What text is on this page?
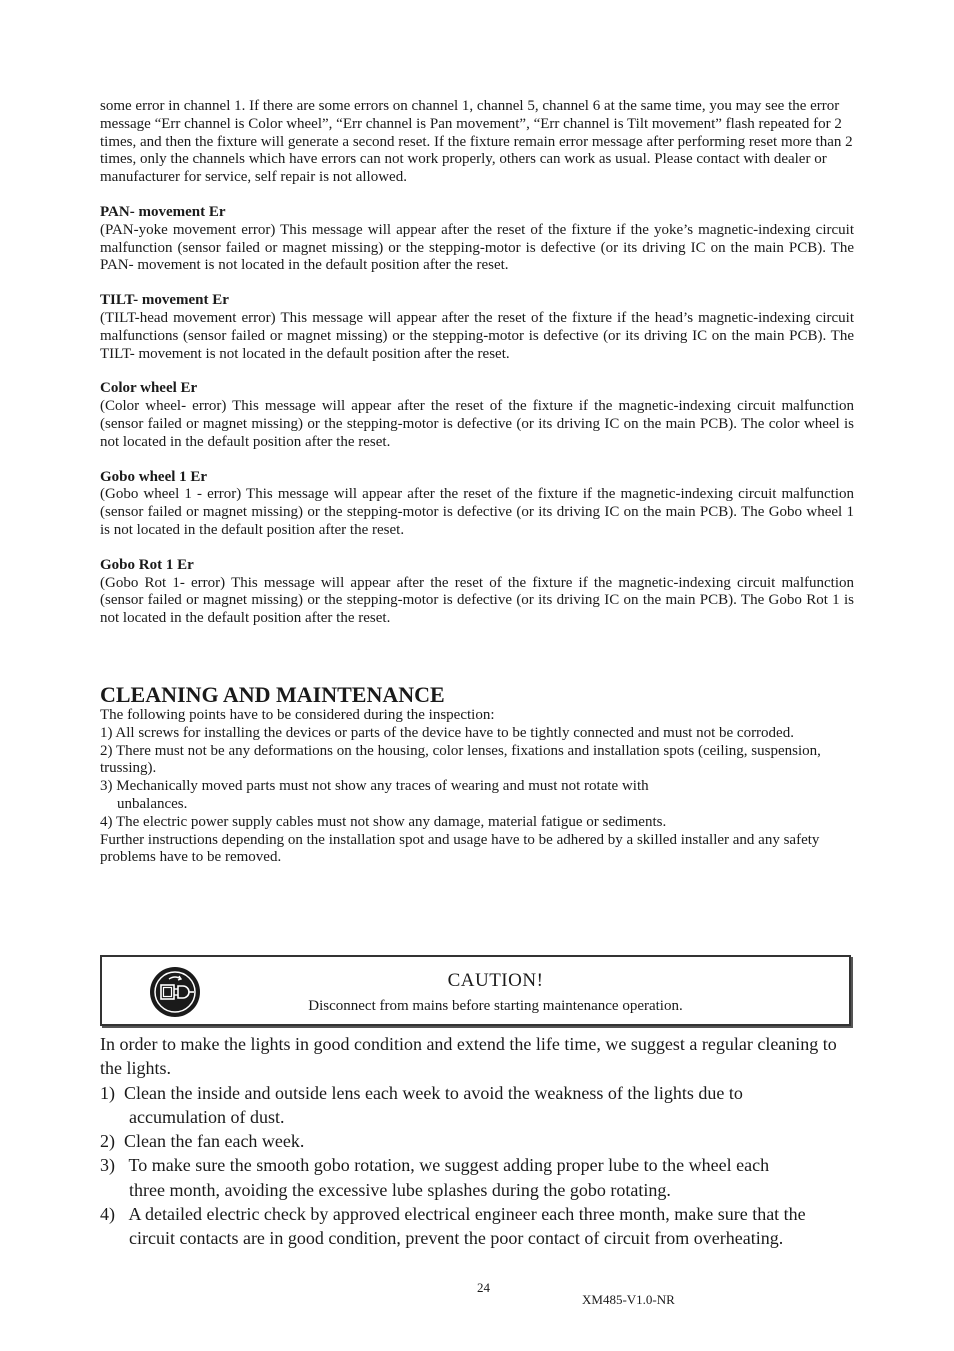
some error in channel 1. If there are some errors on channel 1, channel 5, channel 6 at the same time, you may see the error message “Err channel is Color wheel”, “Err channel is Pan movement”, “Err channel is Tilt movement” flash repeated for 2 times, and then the fixture will generate a second reset. If the fixture remain error message after performing reset more than 2 times, only the channels which have errors can not work properly, others can work as usual. Please contact with dealer or manufacturer for service, self repair is not allowed.

PAN- movement Er

(PAN-yoke movement error) This message will appear after the reset of the fixture if the yoke’s magnetic-indexing circuit malfunction (sensor failed or magnet missing) or the stepping-motor is defective (or its driving IC on the main PCB). The PAN- movement is not located in the default position after the reset.

TILT- movement Er

(TILT-head movement error) This message will appear after the reset of the fixture if the head’s magnetic-indexing circuit malfunctions (sensor failed or magnet missing) or the stepping-motor is defective (or its driving IC on the main PCB). The TILT- movement is not located in the default position after the reset.

Color wheel Er

(Color wheel- error) This message will appear after the reset of the fixture if the magnetic-indexing circuit malfunction (sensor failed or magnet missing) or the stepping-motor is defective (or its driving IC on the main PCB). The color wheel is not located in the default position after the reset.

Gobo wheel 1 Er

(Gobo wheel 1 - error) This message will appear after the reset of the fixture if the magnetic-indexing circuit malfunction (sensor failed or magnet missing) or the stepping-motor is defective (or its driving IC on the main PCB). The Gobo wheel 1 is not located in the default position after the reset.

Gobo Rot 1 Er

(Gobo Rot 1- error) This message will appear after the reset of the fixture if the magnetic-indexing circuit malfunction (sensor failed or magnet missing) or the stepping-motor is defective (or its driving IC on the main PCB). The Gobo Rot 1 is not located in the default position after the reset.

CLEANING AND MAINTENANCE

The following points have to be considered during the inspection:

1) All screws for installing the devices or parts of the device have to be tightly connected and must not be corroded.

2) There must not be any deformations on the housing, color lenses, fixations and installation spots (ceiling, suspension, trussing).

3) Mechanically moved parts must not show any traces of wearing and must not rotate with

unbalances.

4) The electric power supply cables must not show any damage, material fatigue or sediments.

Further instructions depending on the installation spot and usage have to be adhered by a skilled installer and any safety problems have to be removed.

CAUTION!
Disconnect from mains before starting maintenance operation.

In order to make the lights in good condition and extend the life time, we suggest a regular cleaning to the lights.

1)
Clean the inside and outside lens each week to avoid the weakness of the lights due to

accumulation of dust.

2)
Clean the fan each week.
3)
To make sure the smooth gobo rotation, we suggest adding proper lube to the wheel each

three month, avoiding the excessive lube splashes during the gobo rotating.

4)
A detailed electric check by approved electrical engineer each three month, make sure that the

circuit contacts are in good condition, prevent the poor contact of circuit from overheating.

24
XM485-V1.0-NR
